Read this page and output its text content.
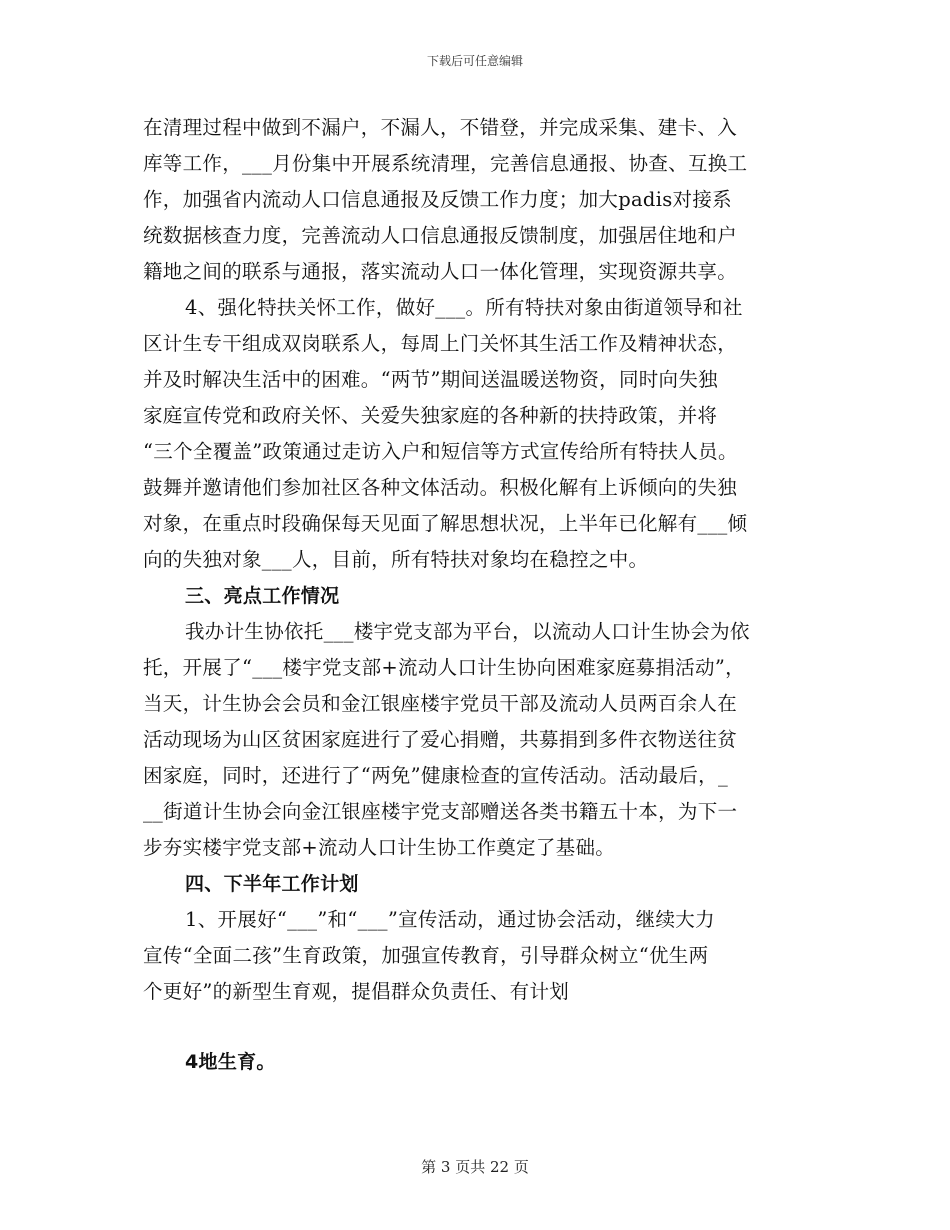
下载后可任意编辑
在清理过程中做到不漏户，不漏人，不错登，并完成采集、建卡、入
库等工作，___月份集中开展系统清理，完善信息通报、协查、互换工
作，加强省内流动人口信息通报及反馈工作力度；加大padis对接系
统数据核查力度，完善流动人口信息通报反馈制度，加强居住地和户
籍地之间的联系与通报，落实流动人口一体化管理，实现资源共享。
4、强化特扶关怀工作，做好___。所有特扶对象由街道领导和社
区计生专干组成双岗联系人，每周上门关怀其生活工作及精神状态，
并及时解决生活中的困难。“两节”期间送温暖送物资，同时向失独
家庭宣传党和政府关怀、关爱失独家庭的各种新的扶持政策，并将
“三个全覆盖”政策通过走访入户和短信等方式宣传给所有特扶人员。
鼓舞并邀请他们参加社区各种文体活动。积极化解有上诉倾向的失独
对象，在重点时段确保每天见面了解思想状况，上半年已化解有___倾
向的失独对象___人，目前，所有特扶对象均在稳控之中。
三、亮点工作情况
我办计生协依托___楼宇党支部为平台，以流动人口计生协会为依
托，开展了“___楼宇党支部+流动人口计生协向困难家庭募捐活动”，
当天，计生协会会员和金江银座楼宇党员干部及流动人员两百余人在
活动现场为山区贫困家庭进行了爱心捐赠，共募捐到多件衣物送往贫
困家庭，同时，还进行了“两免”健康检查的宣传活动。活动最后，_
__街道计生协会向金江银座楼宇党支部赠送各类书籍五十本，为下一
步夯实楼宇党支部+流动人口计生协工作奠定了基础。
四、下半年工作计划
1、开展好“___”和“___”宣传活动，通过协会活动，继续大力
宣传“全面二孩”生育政策，加强宣传教育，引导群众树立“优生两
个更好”的新型生育观，提倡群众负责任、有计划
4地生育。
第 3 页共 22 页
